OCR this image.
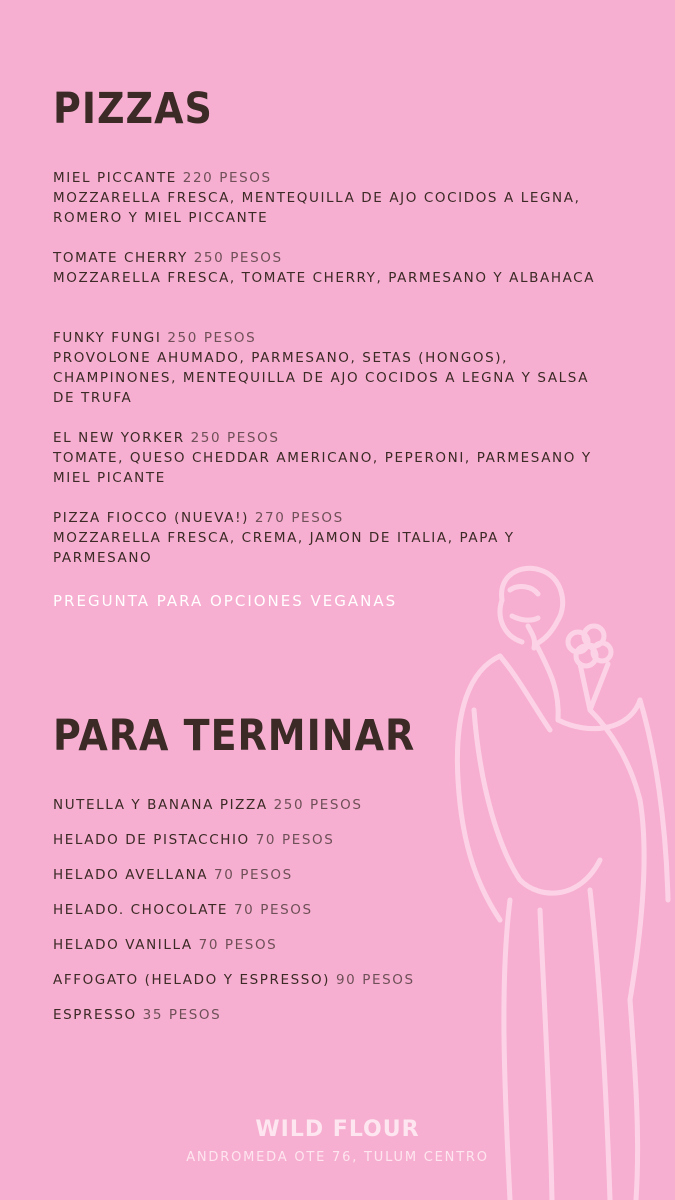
PIZZAS
MIEL PICCANTE 220 PESOS
MOZZARELLA FRESCA, MENTEQUILLA DE AJO COCIDOS A LEGNA, ROMERO Y MIEL PICCANTE
TOMATE CHERRY 250 PESOS
MOZZARELLA FRESCA, TOMATE CHERRY, PARMESANO Y ALBAHACA
FUNKY FUNGI 250 PESOS
PROVOLONE AHUMADO, PARMESANO, SETAS (HONGOS), CHAMPINONES, MENTEQUILLA DE AJO COCIDOS A LEGNA Y SALSA DE TRUFA
EL NEW YORKER 250 PESOS
TOMATE, QUESO CHEDDAR AMERICANO, PEPERONI, PARMESANO Y MIEL PICANTE
PIZZA FIOCCO (NUEVA!) 270 PESOS
MOZZARELLA FRESCA, CREMA, JAMON DE ITALIA, PAPA Y PARMESANO
PREGUNTA PARA OPCIONES VEGANAS
PARA TERMINAR
NUTELLA Y BANANA PIZZA 250 PESOS
HELADO DE PISTACCHIO 70 PESOS
HELADO AVELLANA 70 PESOS
HELADO. CHOCOLATE 70 PESOS
HELADO VANILLA 70 PESOS
AFFOGATO (HELADO Y ESPRESSO) 90 PESOS
ESPRESSO 35 PESOS
WILD FLOUR
ANDROMEDA OTE 76, TULUM CENTRO
